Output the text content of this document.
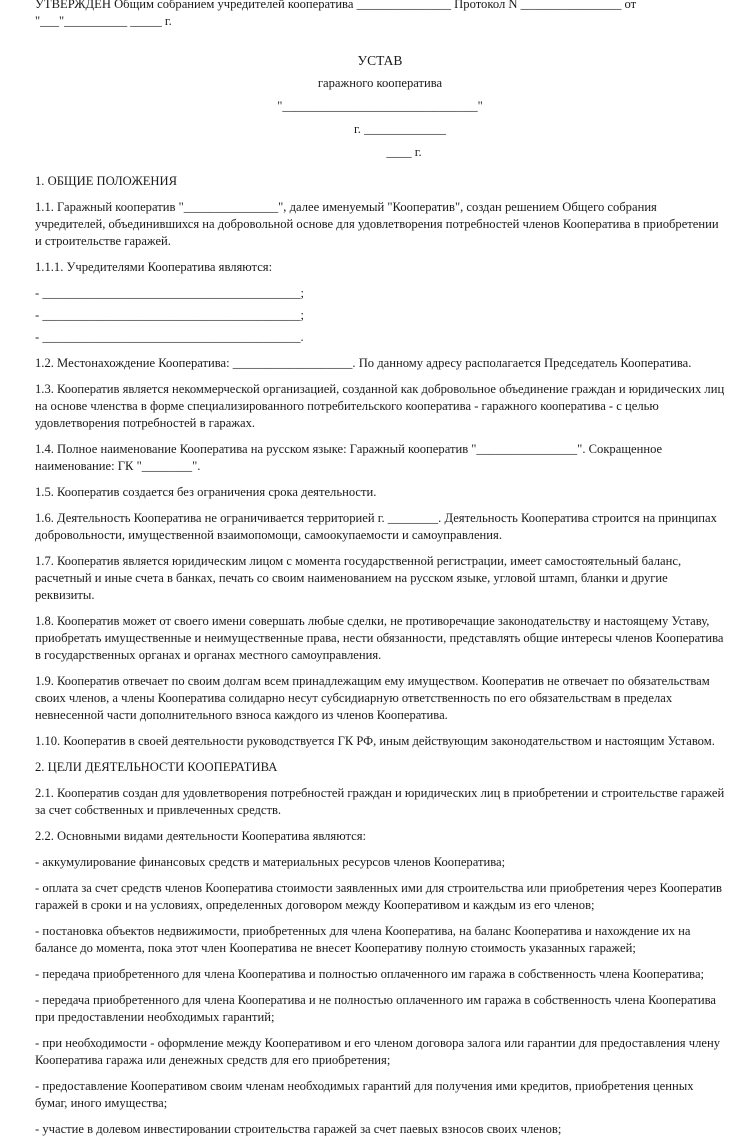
УТВЕРЖДЕН Общим собранием учредителей кооператива _______________ Протокол N ________________ от

"___"__________ _____ г.

УСТАВ

гаражного кооператива

"_______________________________"

г. _____________

____ г.

1. ОБЩИЕ ПОЛОЖЕНИЯ

1.1. Гаражный кооператив "_______________", далее именуемый "Кооператив", создан решением Общего собрания учредителей, объединившихся на добровольной основе для удовлетворения потребностей членов Кооператива в приобретении и строительстве гаражей.

1.1.1. Учредителями Кооператива являются:

- _________________________________________;

- _________________________________________;

- _________________________________________.

1.2. Местонахождение Кооператива: ___________________. По данному адресу располагается Председатель Кооператива.

1.3. Кооператив является некоммерческой организацией, созданной как добровольное объединение граждан и юридических лиц на основе членства в форме специализированного потребительского кооператива - гаражного кооператива - с целью удовлетворения потребностей в гаражах.

1.4. Полное наименование Кооператива на русском языке: Гаражный кооператив "________________". Сокращенное наименование: ГК "________".

1.5. Кооператив создается без ограничения срока деятельности.

1.6. Деятельность Кооператива не ограничивается территорией г. ________. Деятельность Кооператива строится на принципах добровольности, имущественной взаимопомощи, самоокупаемости и самоуправления.

1.7. Кооператив является юридическим лицом с момента государственной регистрации, имеет самостоятельный баланс, расчетный и иные счета в банках, печать со своим наименованием на русском языке, угловой штамп, бланки и другие реквизиты.

1.8. Кооператив может от своего имени совершать любые сделки, не противоречащие законодательству и настоящему Уставу, приобретать имущественные и неимущественные права, нести обязанности, представлять общие интересы членов Кооператива в государственных органах и органах местного самоуправления.

1.9. Кооператив отвечает по своим долгам всем принадлежащим ему имуществом. Кооператив не отвечает по обязательствам своих членов, а члены Кооператива солидарно несут субсидиарную ответственность по его обязательствам в пределах невнесенной части дополнительного взноса каждого из членов Кооператива.

1.10. Кооператив в своей деятельности руководствуется ГК РФ, иным действующим законодательством и настоящим Уставом.

2. ЦЕЛИ ДЕЯТЕЛЬНОСТИ КООПЕРАТИВА

2.1. Кооператив создан для удовлетворения потребностей граждан и юридических лиц в приобретении и строительстве гаражей за счет собственных и привлеченных средств.

2.2. Основными видами деятельности Кооператива являются:

- аккумулирование финансовых средств и материальных ресурсов членов Кооператива;

- оплата за счет средств членов Кооператива стоимости заявленных ими для строительства или приобретения через Кооператив гаражей в сроки и на условиях, определенных договором между Кооперативом и каждым из его членов;

- постановка объектов недвижимости, приобретенных для члена Кооператива, на баланс Кооператива и нахождение их на балансе до момента, пока этот член Кооператива не внесет Кооперативу полную стоимость указанных гаражей;

- передача приобретенного для члена Кооператива и полностью оплаченного им гаража в собственность члена Кооператива;

- передача приобретенного для члена Кооператива и не полностью оплаченного им гаража в собственность члена Кооператива при предоставлении необходимых гарантий;

- при необходимости - оформление между Кооперативом и его членом договора залога или гарантии для предоставления члену Кооператива гаража или денежных средств для его приобретения;

- предоставление Кооперативом своим членам необходимых гарантий для получения ими кредитов, приобретения ценных бумаг, иного имущества;

- участие в долевом инвестировании строительства гаражей за счет паевых взносов своих членов;
